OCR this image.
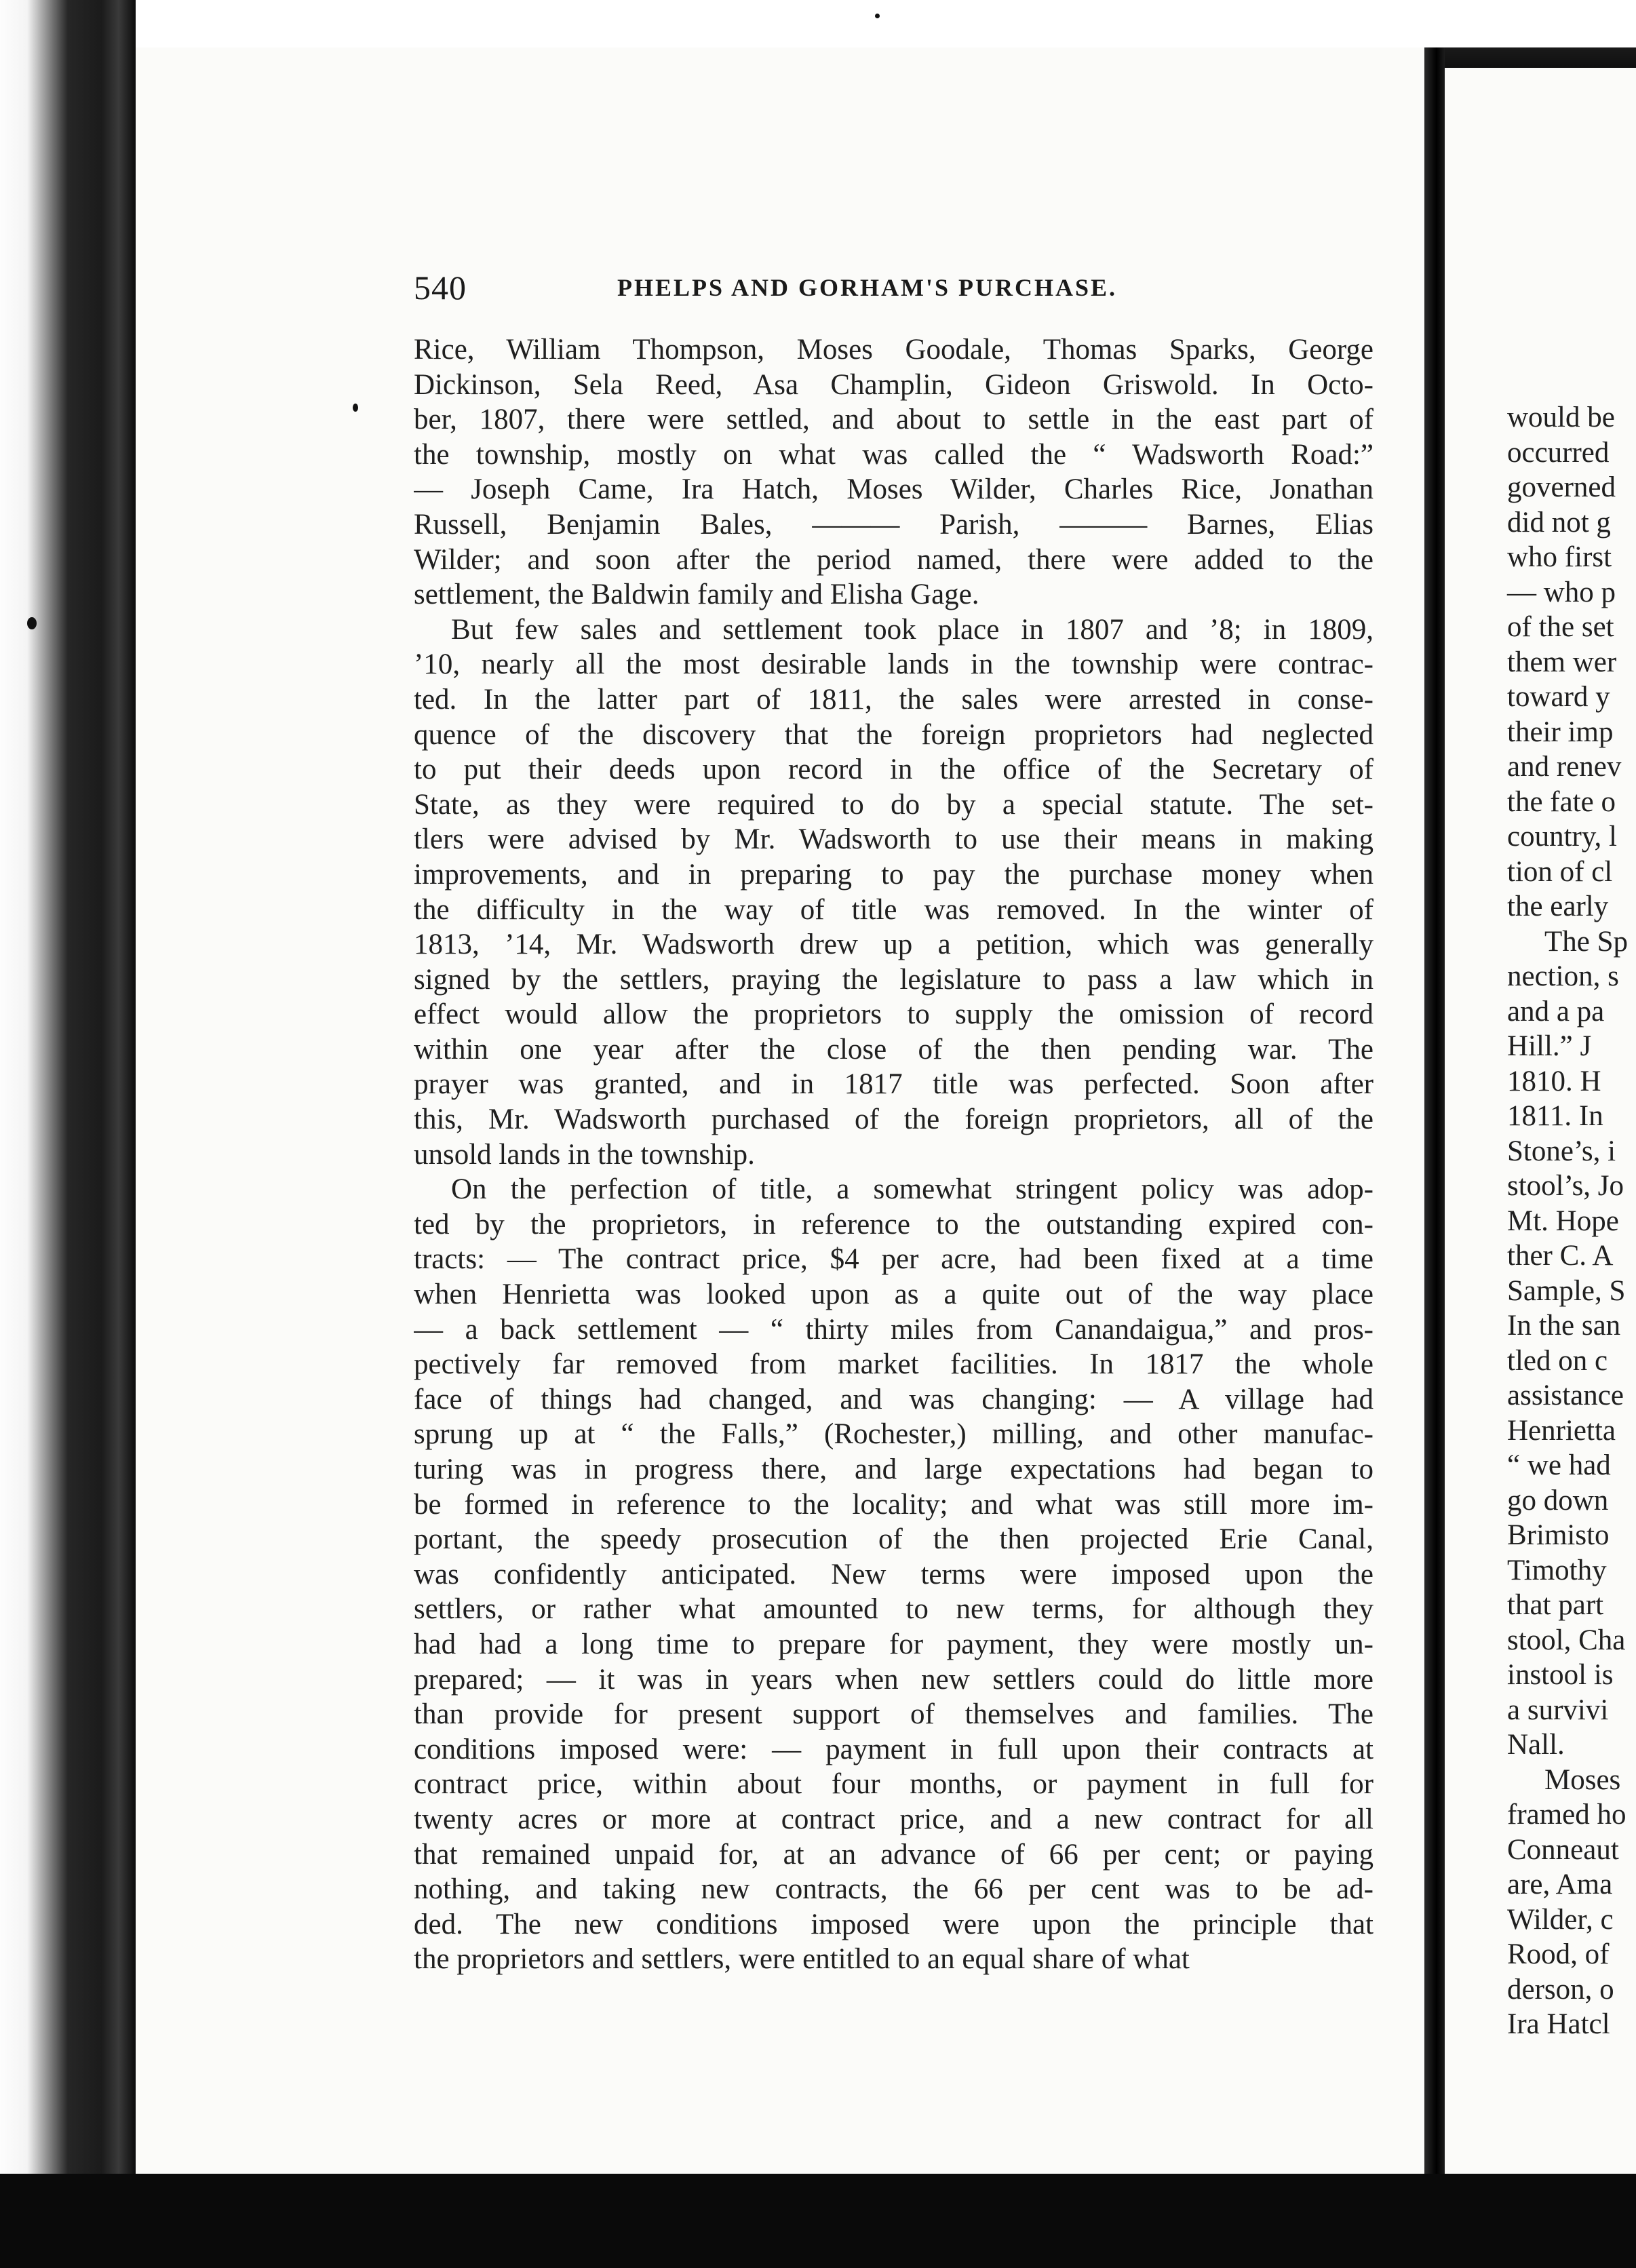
would be
occurred
governed
did not g
who first
— who p
of the set
them wer
toward y
their imp
and renev
the fate o
country, l
tion of cl
the early
The Sp
nection, s
and a pa
Hill.” J
1810. H
1811. In
Stone’s, i
stool’s, Jo
Mt. Hope
ther C. A
Sample, S
In the san
tled on c
assistance
Henrietta
“ we had
go down
Brimisto
Timothy
that part
stool, Cha
instool is
a survivi
Nall.
Moses
framed ho
Conneaut
are, Ama
Wilder, c
Rood, of
derson, o
Ira Hatcl
540	PHELPS AND GORHAM'S PURCHASE.
Rice, William Thompson, Moses Goodale, Thomas Sparks, George
Dickinson, Sela Reed, Asa Champlin, Gideon Griswold. In Octo-
ber, 1807, there were settled, and about to settle in the east part of
the township, mostly on what was called the “ Wadsworth Road:”
— Joseph Came, Ira Hatch, Moses Wilder, Charles Rice, Jonathan
Russell, Benjamin Bales, ——— Parish, ——— Barnes, Elias
Wilder; and soon after the period named, there were added to the
settlement, the Baldwin family and Elisha Gage.
But few sales and settlement took place in 1807 and ’8; in 1809,
’10, nearly all the most desirable lands in the township were contrac-
ted. In the latter part of 1811, the sales were arrested in conse-
quence of the discovery that the foreign proprietors had neglected
to put their deeds upon record in the office of the Secretary of
State, as they were required to do by a special statute. The set-
tlers were advised by Mr. Wadsworth to use their means in making
improvements, and in preparing to pay the purchase money when
the difficulty in the way of title was removed. In the winter of
1813, ’14, Mr. Wadsworth drew up a petition, which was generally
signed by the settlers, praying the legislature to pass a law which in
effect would allow the proprietors to supply the omission of record
within one year after the close of the then pending war. The
prayer was granted, and in 1817 title was perfected. Soon after
this, Mr. Wadsworth purchased of the foreign proprietors, all of the
unsold lands in the township.
On the perfection of title, a somewhat stringent policy was adop-
ted by the proprietors, in reference to the outstanding expired con-
tracts: — The contract price, $4 per acre, had been fixed at a time
when Henrietta was looked upon as a quite out of the way place
— a back settlement — “ thirty miles from Canandaigua,” and pros-
pectively far removed from market facilities. In 1817 the whole
face of things had changed, and was changing: — A village had
sprung up at “ the Falls,” (Rochester,) milling, and other manufac-
turing was in progress there, and large expectations had began to
be formed in reference to the locality; and what was still more im-
portant, the speedy prosecution of the then projected Erie Canal,
was confidently anticipated. New terms were imposed upon the
settlers, or rather what amounted to new terms, for although they
had had a long time to prepare for payment, they were mostly un-
prepared; — it was in years when new settlers could do little more
than provide for present support of themselves and families. The
conditions imposed were: — payment in full upon their contracts at
contract price, within about four months, or payment in full for
twenty acres or more at contract price, and a new contract for all
that remained unpaid for, at an advance of 66 per cent; or paying
nothing, and taking new contracts, the 66 per cent was to be ad-
ded. The new conditions imposed were upon the principle that
the proprietors and settlers, were entitled to an equal share of what
